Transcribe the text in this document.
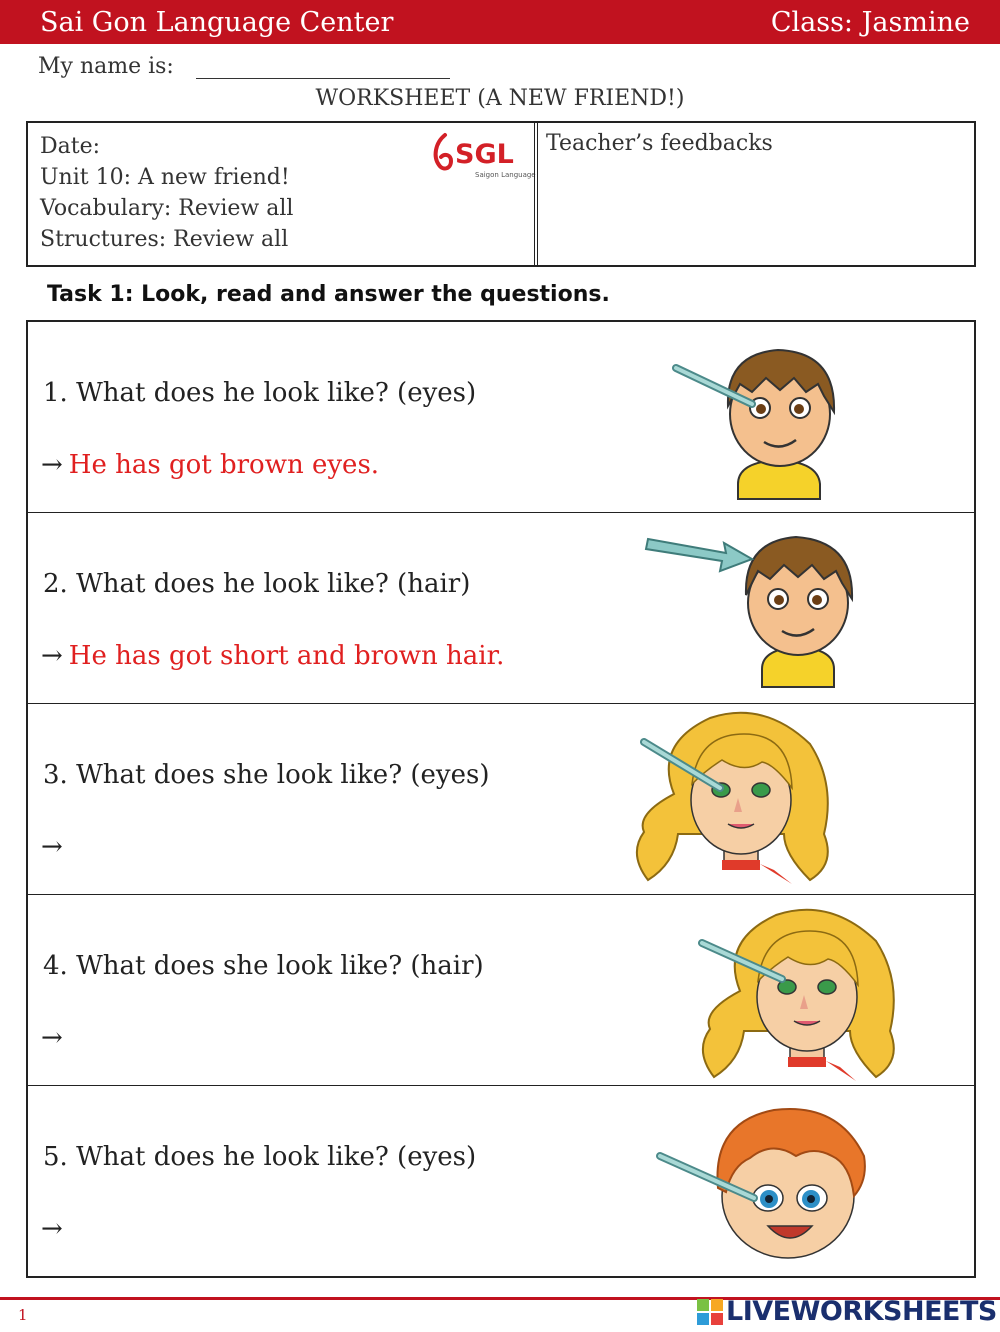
Sai Gon Language Center	Class: Jasmine
My name is:
WORKSHEET (A NEW FRIEND!)
Date:
Unit 10: A new friend!
Vocabulary: Review all
Structures: Review all
SGL
Saigon Language
Teacher’s feedbacks
Task 1: Look, read and answer the questions.
1. What does he look like? (eyes)
→ He has got brown eyes.
2. What does he look like? (hair)
→ He has got short and brown hair.
3. What does she look like? (eyes)
→
4. What does she look like? (hair)
→
5. What does he look like? (eyes)
→
1	LIVEWORKSHEETS
